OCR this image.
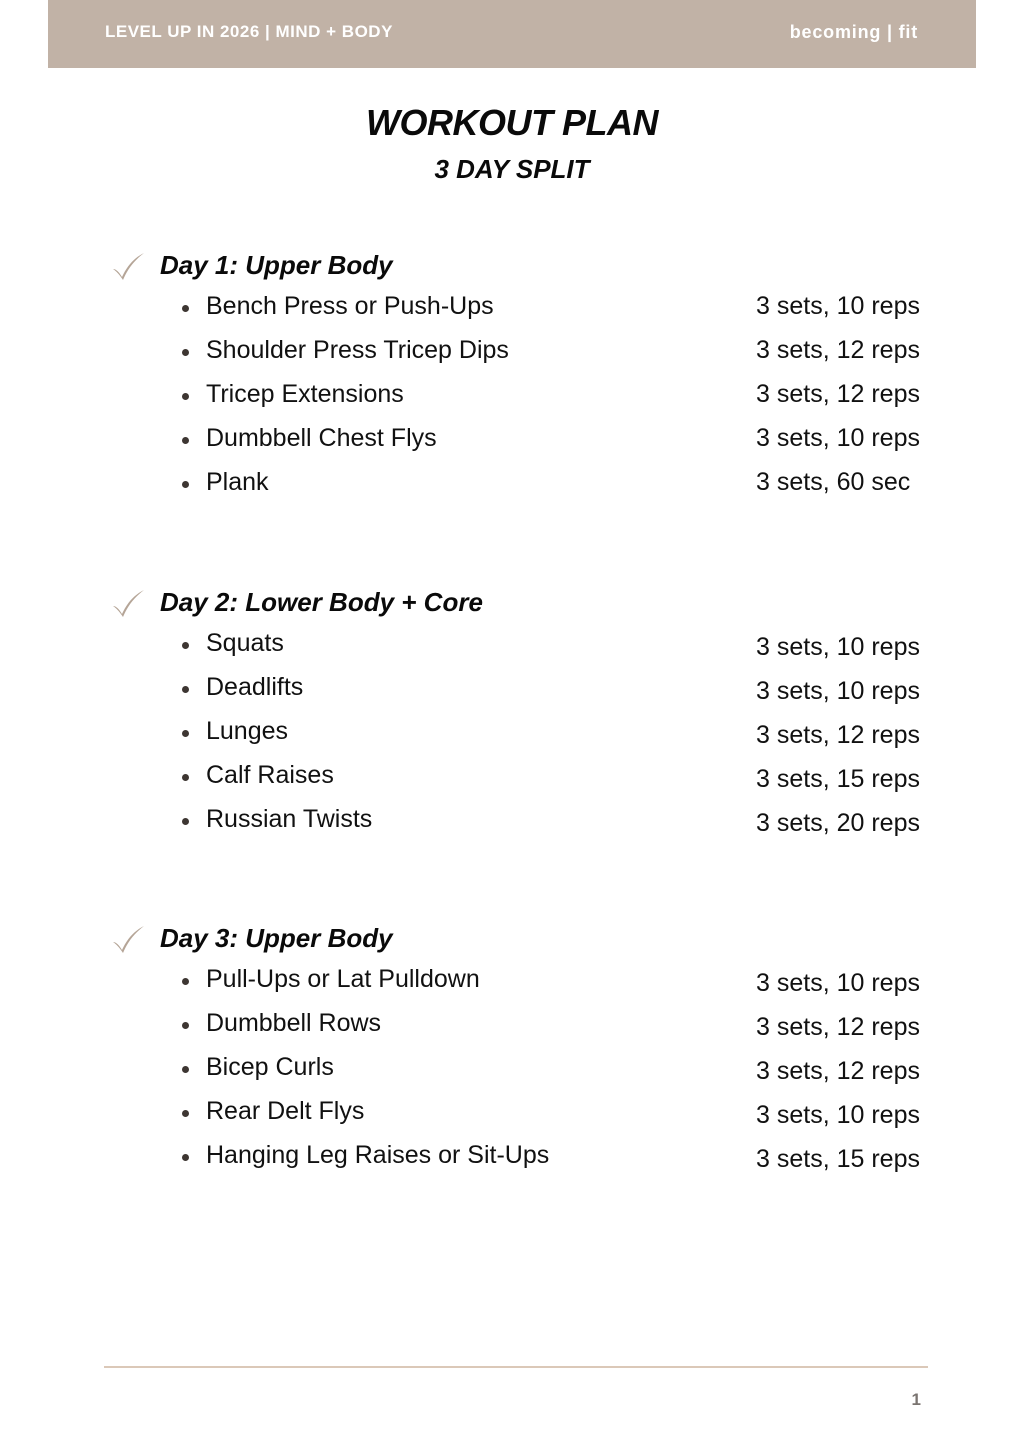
LEVEL UP IN 2026 | MIND + BODY	becoming | fit
WORKOUT PLAN
3 DAY SPLIT
Day 1: Upper Body
Bench Press or Push-Ups	3 sets, 10 reps
Shoulder Press Tricep Dips	3 sets, 12 reps
Tricep Extensions	3 sets, 12 reps
Dumbbell Chest Flys	3 sets, 10 reps
Plank	3 sets, 60 sec
Day 2: Lower Body + Core
Squats	3 sets, 10 reps
Deadlifts	3 sets, 10 reps
Lunges	3 sets, 12 reps
Calf Raises	3 sets, 15 reps
Russian Twists	3 sets, 20 reps
Day 3: Upper Body
Pull-Ups or Lat Pulldown	3 sets, 10 reps
Dumbbell Rows	3 sets, 12 reps
Bicep Curls	3 sets, 12 reps
Rear Delt Flys	3 sets, 10 reps
Hanging Leg Raises or Sit-Ups	3 sets, 15 reps
1
